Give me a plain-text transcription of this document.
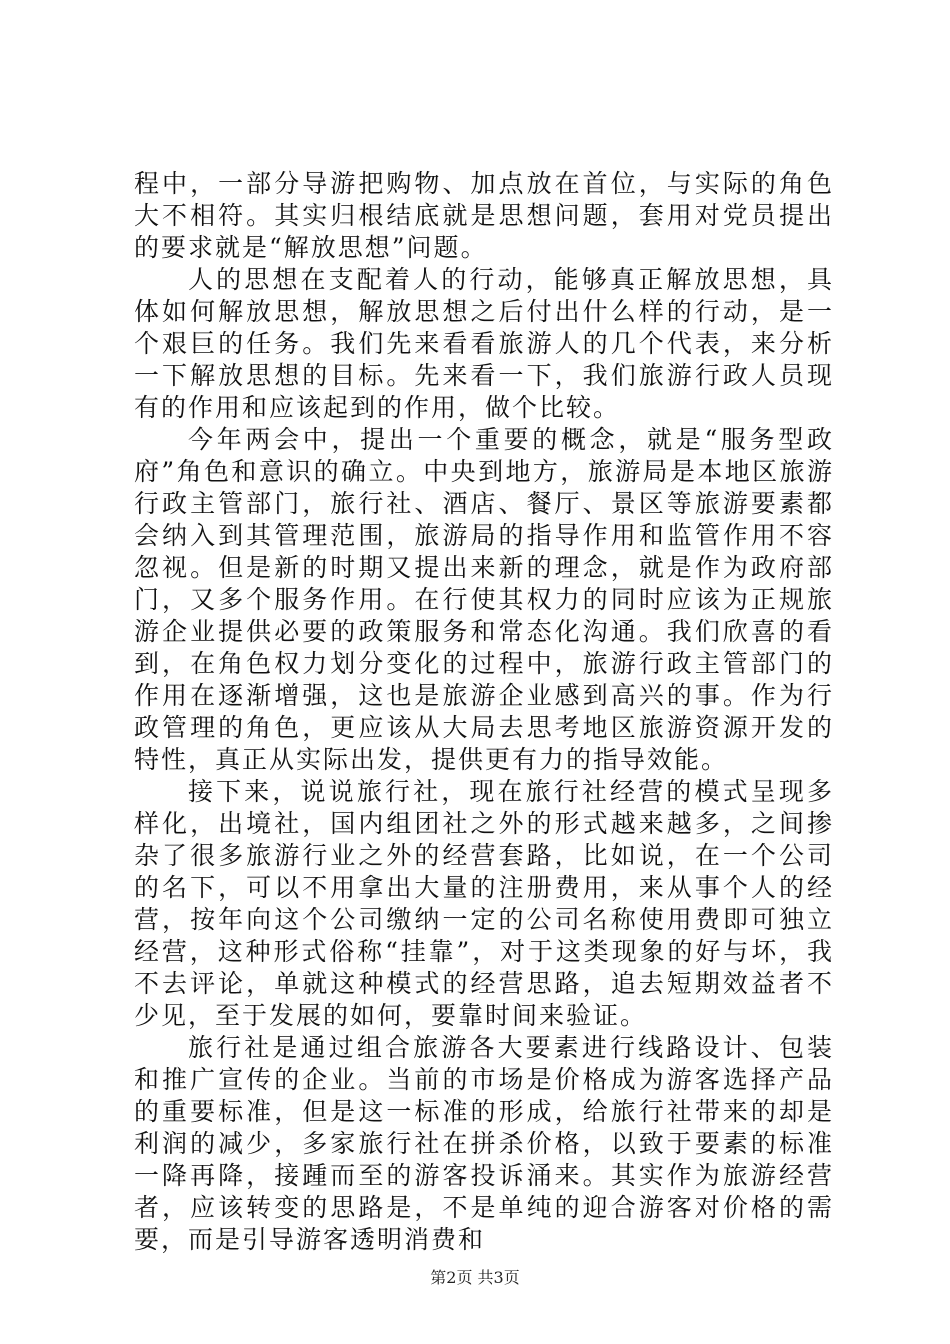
程中，一部分导游把购物、加点放在首位，与实际的角色大不相符。其实归根结底就是思想问题，套用对党员提出的要求就是“解放思想”问题。

人的思想在支配着人的行动，能够真正解放思想，具体如何解放思想，解放思想之后付出什么样的行动，是一个艰巨的任务。我们先来看看旅游人的几个代表，来分析一下解放思想的目标。先来看一下，我们旅游行政人员现有的作用和应该起到的作用，做个比较。

今年两会中，提出一个重要的概念，就是“服务型政府”角色和意识的确立。中央到地方，旅游局是本地区旅游行政主管部门，旅行社、酒店、餐厅、景区等旅游要素都会纳入到其管理范围，旅游局的指导作用和监管作用不容忽视。但是新的时期又提出来新的理念，就是作为政府部门，又多个服务作用。在行使其权力的同时应该为正规旅游企业提供必要的政策服务和常态化沟通。我们欣喜的看到，在角色权力划分变化的过程中，旅游行政主管部门的作用在逐渐增强，这也是旅游企业感到高兴的事。作为行政管理的角色，更应该从大局去思考地区旅游资源开发的特性，真正从实际出发，提供更有力的指导效能。

接下来，说说旅行社，现在旅行社经营的模式呈现多样化，出境社，国内组团社之外的形式越来越多，之间掺杂了很多旅游行业之外的经营套路，比如说，在一个公司的名下，可以不用拿出大量的注册费用，来从事个人的经营，按年向这个公司缴纳一定的公司名称使用费即可独立经营，这种形式俗称“挂靠”，对于这类现象的好与坏，我不去评论，单就这种模式的经营思路，追去短期效益者不少见，至于发展的如何，要靠时间来验证。

旅行社是通过组合旅游各大要素进行线路设计、包装和推广宣传的企业。当前的市场是价格成为游客选择产品的重要标准，但是这一标准的形成，给旅行社带来的却是利润的减少，多家旅行社在拼杀价格，以致于要素的标准一降再降，接踵而至的游客投诉涌来。其实作为旅游经营者，应该转变的思路是，不是单纯的迎合游客对价格的需要，而是引导游客透明消费和

第2页 共3页
